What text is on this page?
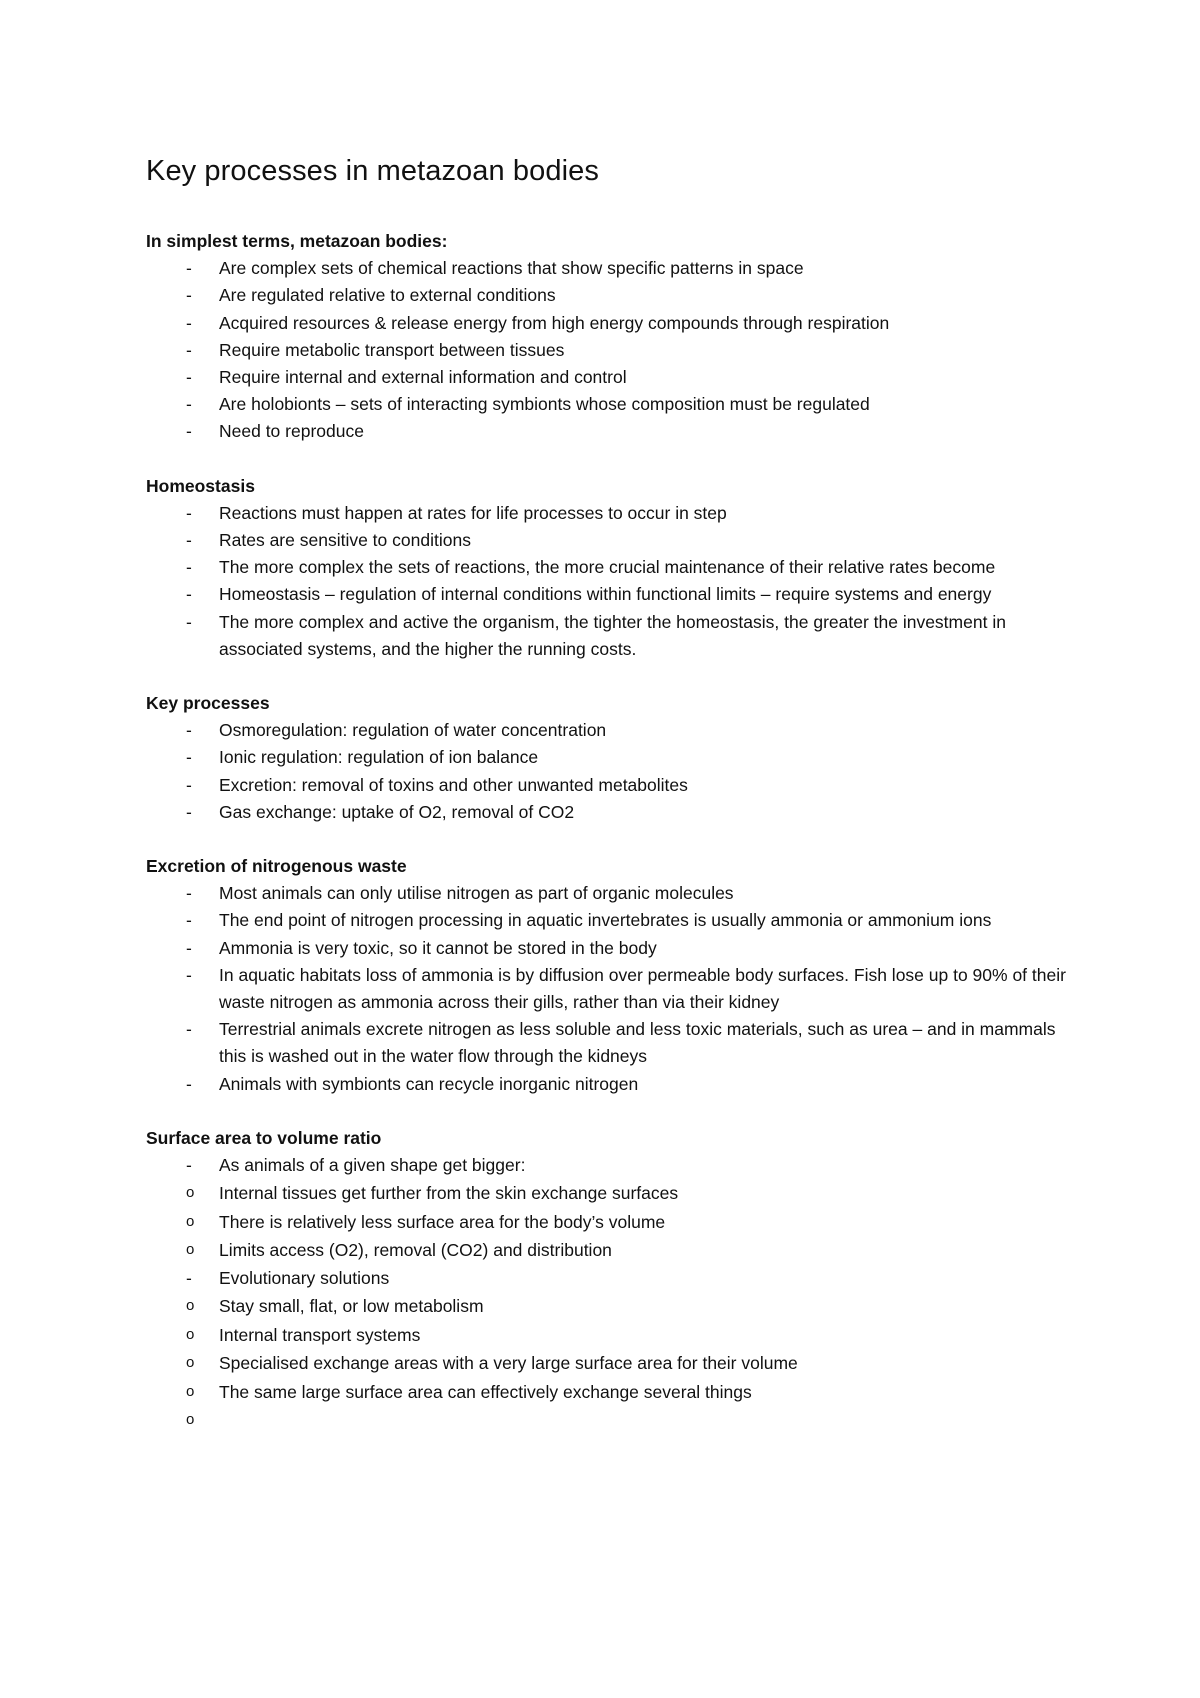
Key processes in metazoan bodies

In simplest terms, metazoan bodies:

- Are complex sets of chemical reactions that show specific patterns in space
- Are regulated relative to external conditions
- Acquired resources & release energy from high energy compounds through respiration
- Require metabolic transport between tissues
- Require internal and external information and control
- Are holobionts – sets of interacting symbionts whose composition must be regulated
- Need to reproduce

Homeostasis

- Reactions must happen at rates for life processes to occur in step
- Rates are sensitive to conditions
- The more complex the sets of reactions, the more crucial maintenance of their relative rates become
- Homeostasis – regulation of internal conditions within functional limits – require systems and energy
- The more complex and active the organism, the tighter the homeostasis, the greater the investment in associated systems, and the higher the running costs.

Key processes

- Osmoregulation: regulation of water concentration
- Ionic regulation: regulation of ion balance
- Excretion: removal of toxins and other unwanted metabolites
- Gas exchange: uptake of O2, removal of CO2

Excretion of nitrogenous waste

- Most animals can only utilise nitrogen as part of organic molecules
- The end point of nitrogen processing in aquatic invertebrates is usually ammonia or ammonium ions
- Ammonia is very toxic, so it cannot be stored in the body
- In aquatic habitats loss of ammonia is by diffusion over permeable body surfaces. Fish lose up to 90% of their waste nitrogen as ammonia across their gills, rather than via their kidney
- Terrestrial animals excrete nitrogen as less soluble and less toxic materials, such as urea – and in mammals this is washed out in the water flow through the kidneys
- Animals with symbionts can recycle inorganic nitrogen

Surface area to volume ratio

- As animals of a given shape get bigger:
o Internal tissues get further from the skin exchange surfaces
o There is relatively less surface area for the body’s volume
o Limits access (O2), removal (CO2) and distribution
- Evolutionary solutions
o Stay small, flat, or low metabolism
o Internal transport systems
o Specialised exchange areas with a very large surface area for their volume
o The same large surface area can effectively exchange several things
o
